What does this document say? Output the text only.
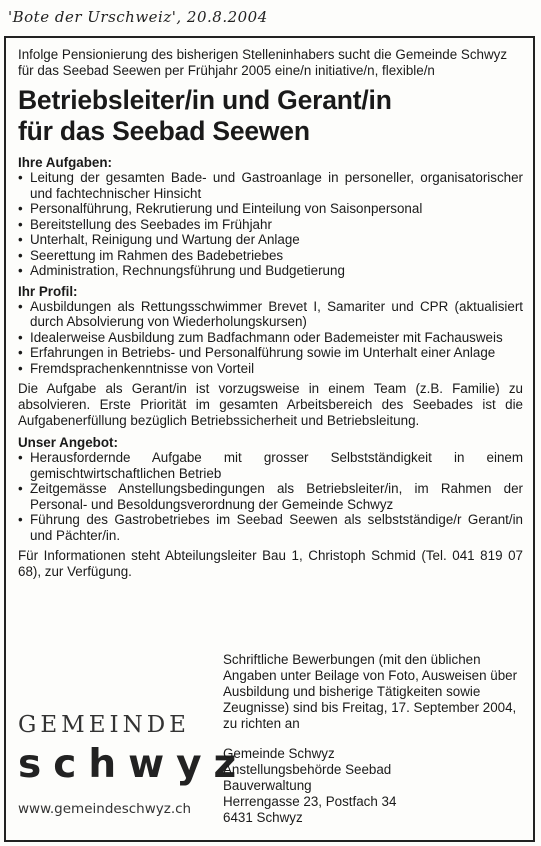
'Bote der Urschweiz', 20.8.2004

Infolge Pensionierung des bisherigen Stelleninhabers sucht die Gemeinde Schwyz für das Seebad Seewen per Frühjahr 2005 eine/n initiative/n, flexible/n

Betriebsleiter/in und Gerant/in
für das Seebad Seewen

Ihre Aufgaben:

• Leitung der gesamten Bade- und Gastroanlage in personeller, organisatorischer und fachtechnischer Hinsicht
• Personalführung, Rekrutierung und Einteilung von Saisonpersonal
• Bereitstellung des Seebades im Frühjahr
• Unterhalt, Reinigung und Wartung der Anlage
• Seerettung im Rahmen des Badebetriebes
• Administration, Rechnungsführung und Budgetierung

Ihr Profil:

• Ausbildungen als Rettungsschwimmer Brevet I, Samariter und CPR (aktualisiert durch Absolvierung von Wiederholungskursen)
• Idealerweise Ausbildung zum Badfachmann oder Bademeister mit Fachausweis
• Erfahrungen in Betriebs- und Personalführung sowie im Unterhalt einer Anlage
• Fremdsprachenkenntnisse von Vorteil

Die Aufgabe als Gerant/in ist vorzugsweise in einem Team (z.B. Familie) zu absolvieren. Erste Priorität im gesamten Arbeitsbereich des Seebades ist die Aufgabenerfüllung bezüglich Betriebssicherheit und Betriebsleitung.

Unser Angebot:

• Herausfordernde Aufgabe mit grosser Selbstständigkeit in einem gemischtwirtschaftlichen Betrieb
• Zeitgemässe Anstellungsbedingungen als Betriebsleiter/in, im Rahmen der Personal- und Besoldungsverordnung der Gemeinde Schwyz
• Führung des Gastrobetriebes im Seebad Seewen als selbstständige/r Gerant/in und Pächter/in.

Für Informationen steht Abteilungsleiter Bau 1, Christoph Schmid (Tel. 041 819 07 68), zur Verfügung.

GEMEINDE
schwyz
www.gemeindeschwyz.ch

Schriftliche Bewerbungen (mit den üblichen Angaben unter Beilage von Foto, Ausweisen über Ausbildung und bisherige Tätigkeiten sowie Zeugnisse) sind bis Freitag, 17. September 2004, zu richten an

Gemeinde Schwyz
Anstellungsbehörde Seebad
Bauverwaltung
Herrengasse 23, Postfach 34
6431 Schwyz
